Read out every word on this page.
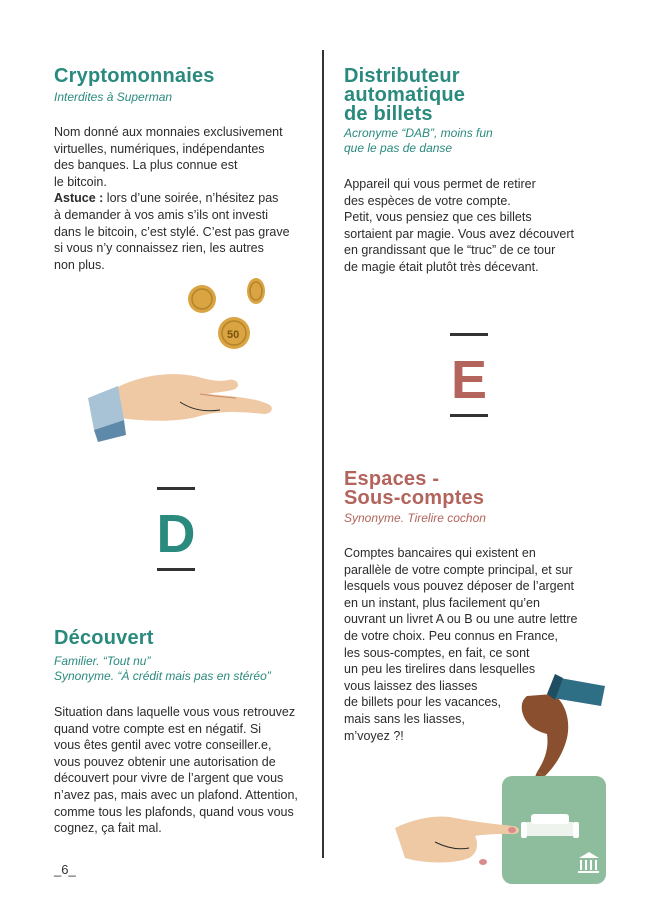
Cryptomonnaies

Interdites à Superman

Nom donné aux monnaies exclusivement
virtuelles, numériques, indépendantes
des banques. La plus connue est
le bitcoin.
Astuce : lors d’une soirée, n’hésitez pas
à demander à vos amis s’ils ont investi
dans le bitcoin, c’est stylé. C’est pas grave
si vous n’y connaissez rien, les autres
non plus.
50
D
Découvert
Familier. “Tout nu”
Synonyme. “À crédit mais pas en stéréo”
Situation dans laquelle vous vous retrouvez
quand votre compte est en négatif. Si
vous êtes gentil avec votre conseiller.e,
vous pouvez obtenir une autorisation de
découvert pour vivre de l’argent que vous
n’avez pas, mais avec un plafond. Attention,
comme tous les plafonds, quand vous vous
cognez, ça fait mal.
Distributeur
automatique
de billets
Acronyme “DAB”, moins fun
que le pas de danse
Appareil qui vous permet de retirer
des espèces de votre compte.
Petit, vous pensiez que ces billets
sortaient par magie. Vous avez découvert
en grandissant que le “truc” de ce tour
de magie était plutôt très décevant.
E
Espaces -
Sous-comptes

Synonyme. Tirelire cochon

Comptes bancaires qui existent en
parallèle de votre compte principal, et sur
lesquels vous pouvez déposer de l’argent
en un instant, plus facilement qu’en
ouvrant un livret A ou B ou une autre lettre
de votre choix. Peu connus en France,
les sous-comptes, en fait, ce sont
un peu les tirelires dans lesquelles
vous laissez des liasses
de billets pour les vacances,
mais sans les liasses,
m’voyez ?!
_6_
